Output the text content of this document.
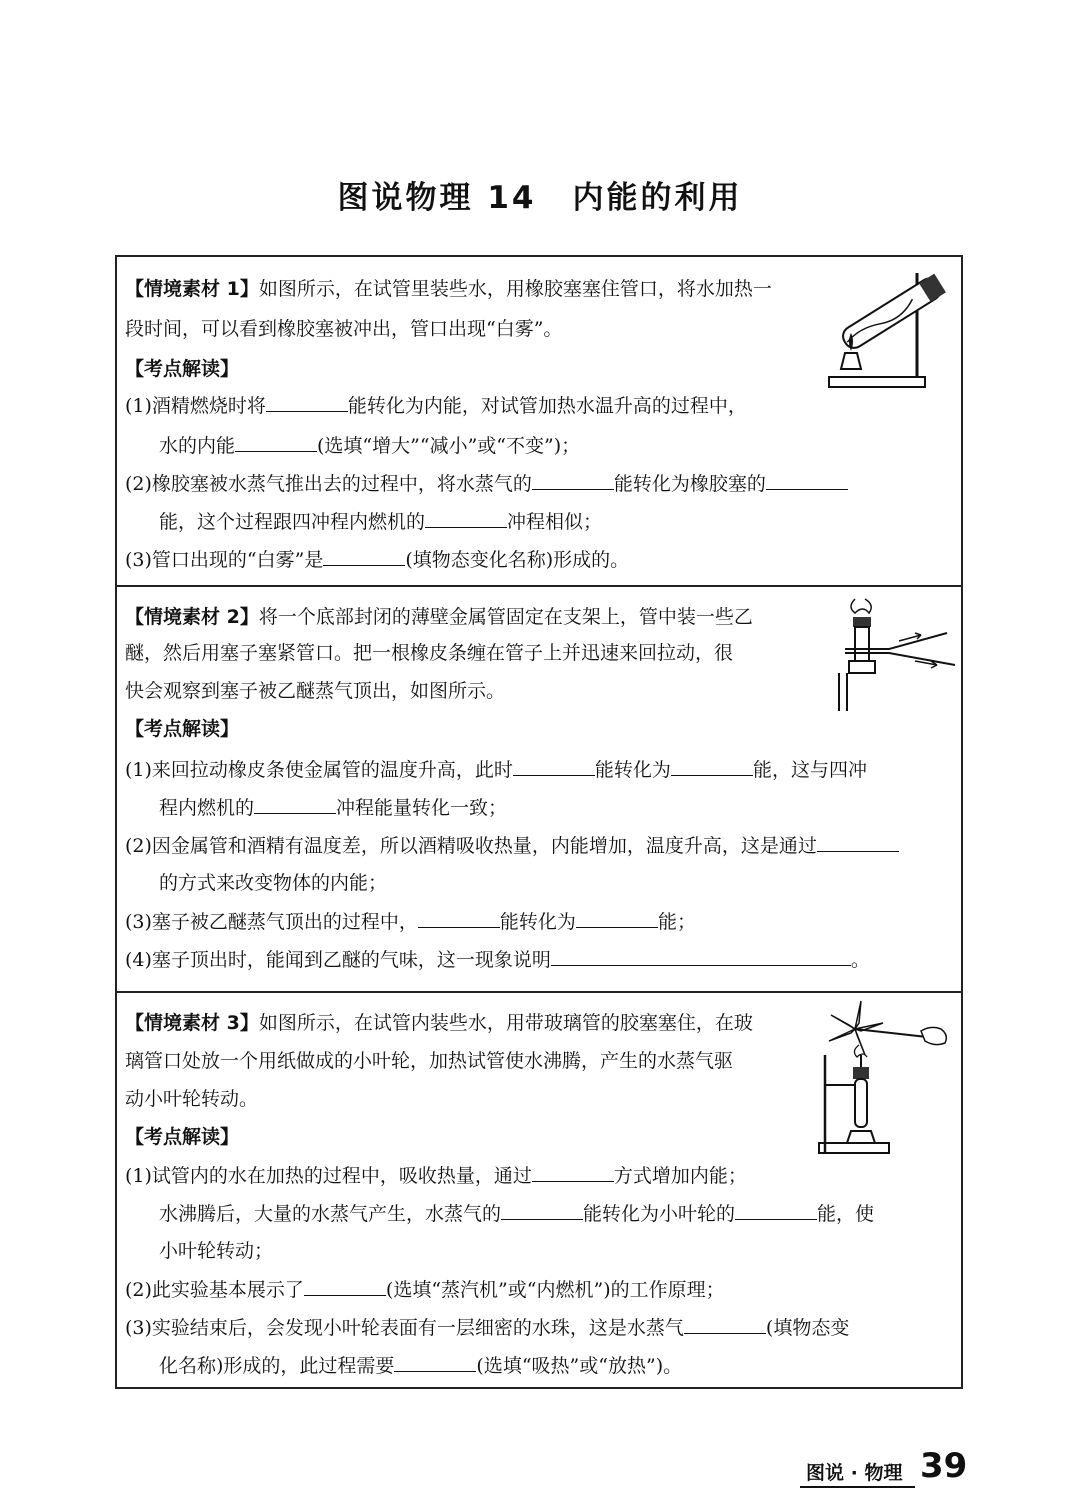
图说物理 14 内能的利用
【情境素材 1】如图所示，在试管里装些水，用橡胶塞塞住管口，将水加热一
段时间，可以看到橡胶塞被冲出，管口出现“白雾”。
【考点解读】
(1)酒精燃烧时将	能转化为内能，对试管加热水温升高的过程中，
水的内能	(选填“增大”“减小”或“不变”)；
(2)橡胶塞被水蒸气推出去的过程中，将水蒸气的	能转化为橡胶塞的
能，这个过程跟四冲程内燃机的	冲程相似；
(3)管口出现的“白雾”是	(填物态变化名称)形成的。
【情境素材 2】将一个底部封闭的薄壁金属管固定在支架上，管中装一些乙
醚，然后用塞子塞紧管口。把一根橡皮条缠在管子上并迅速来回拉动，很
快会观察到塞子被乙醚蒸气顶出，如图所示。
【考点解读】
(1)来回拉动橡皮条使金属管的温度升高，此时	能转化为	能，这与四冲
程内燃机的	冲程能量转化一致；
(2)因金属管和酒精有温度差，所以酒精吸收热量，内能增加，温度升高，这是通过
的方式来改变物体的内能；
(3)塞子被乙醚蒸气顶出的过程中，	能转化为	能；
(4)塞子顶出时，能闻到乙醚的气味，这一现象说明	。
【情境素材 3】如图所示，在试管内装些水，用带玻璃管的胶塞塞住，在玻
璃管口处放一个用纸做成的小叶轮，加热试管使水沸腾，产生的水蒸气驱
动小叶轮转动。
【考点解读】
(1)试管内的水在加热的过程中，吸收热量，通过	方式增加内能；
水沸腾后，大量的水蒸气产生，水蒸气的	能转化为小叶轮的	能，使
小叶轮转动；
(2)此实验基本展示了	(选填“蒸汽机”或“内燃机”)的工作原理；
(3)实验结束后，会发现小叶轮表面有一层细密的水珠，这是水蒸气	(填物态变
化名称)形成的，此过程需要	(选填“吸热”或“放热”)。
图说 · 物理 39
